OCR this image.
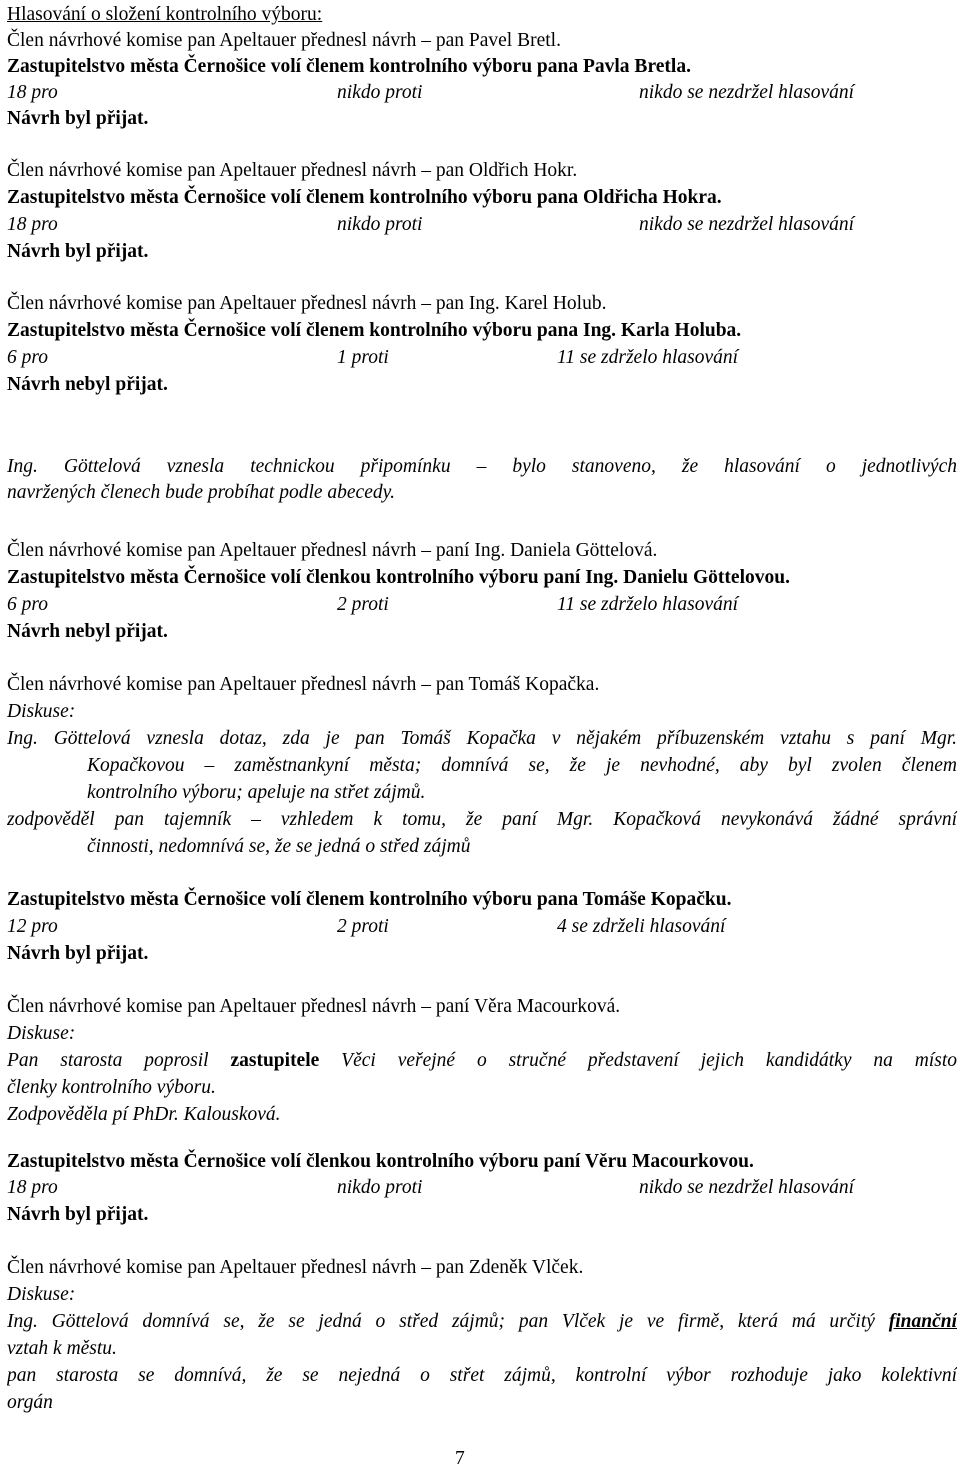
Hlasování o složení kontrolního výboru:
Člen návrhové komise pan Apeltauer přednesl návrh – pan Pavel Bretl.
Zastupitelstvo města Černošice volí členem kontrolního výboru pana Pavla Bretla.
18 pro	nikdo proti	nikdo se nezdržel hlasování
Návrh byl přijat.
Člen návrhové komise pan Apeltauer přednesl návrh – pan Oldřich Hokr.
Zastupitelstvo města Černošice volí členem kontrolního výboru pana Oldřicha Hokra.
18 pro	nikdo proti	nikdo se nezdržel hlasování
Návrh byl přijat.
Člen návrhové komise pan Apeltauer přednesl návrh – pan Ing. Karel Holub.
Zastupitelstvo města Černošice volí členem kontrolního výboru pana Ing. Karla Holuba.
6 pro	1 proti	11 se zdrželo hlasování
Návrh nebyl přijat.
Ing. Göttelová vznesla technickou připomínku – bylo stanoveno, že hlasování o jednotlivých
navržených členech bude probíhat podle abecedy.
Člen návrhové komise pan Apeltauer přednesl návrh – paní Ing. Daniela Göttelová.
Zastupitelstvo města Černošice volí členkou kontrolního výboru paní Ing. Danielu Göttelovou.
6 pro	2 proti	11 se zdrželo hlasování
Návrh nebyl přijat.
Člen návrhové komise pan Apeltauer přednesl návrh – pan Tomáš Kopačka.
Diskuse:
Ing. Göttelová vznesla dotaz, zda je pan Tomáš Kopačka v nějakém příbuzenském vztahu s paní Mgr.
Kopačkovou – zaměstnankyní města; domnívá se, že je nevhodné, aby byl zvolen členem
kontrolního výboru; apeluje na střet zájmů.
zodpověděl pan tajemník – vzhledem k tomu, že paní Mgr. Kopačková nevykonává žádné správní
činnosti, nedomnívá se, že se jedná o střed zájmů
Zastupitelstvo města Černošice volí členem kontrolního výboru pana Tomáše Kopačku.
12 pro	2 proti	4 se zdrželi hlasování
Návrh byl přijat.
Člen návrhové komise pan Apeltauer přednesl návrh – paní Věra Macourková.
Diskuse:
Pan starosta poprosil zastupitele Věci veřejné o stručné představení jejich kandidátky na místo
členky kontrolního výboru.
Zodpověděla pí PhDr. Kalousková.
Zastupitelstvo města Černošice volí členkou kontrolního výboru paní Věru Macourkovou.
18 pro	nikdo proti	nikdo se nezdržel hlasování
Návrh byl přijat.
Člen návrhové komise pan Apeltauer přednesl návrh – pan Zdeněk Vlček.
Diskuse:
Ing. Göttelová domnívá se, že se jedná o střed zájmů; pan Vlček je ve firmě, která má určitý finanční
vztah k městu.
pan starosta se domnívá, že se nejedná o střet zájmů, kontrolní výbor rozhoduje jako kolektivní
orgán
7
